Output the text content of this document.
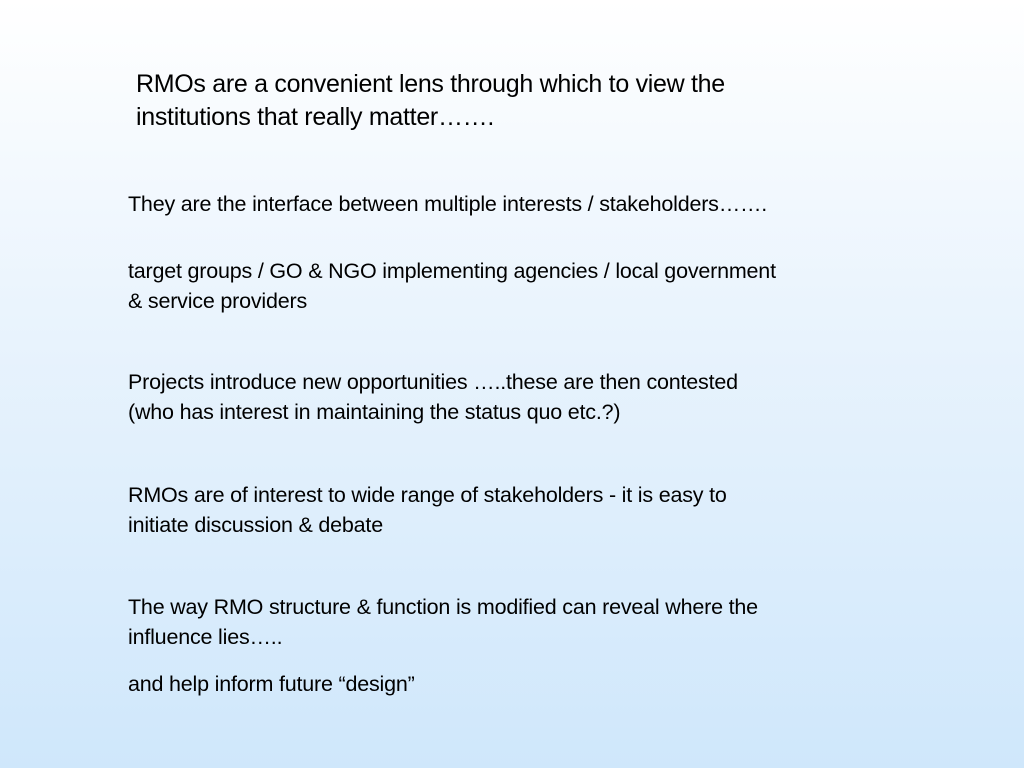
RMOs are a convenient lens through which to view the
institutions that really matter…….
They are the interface between multiple interests / stakeholders…….
target groups / GO & NGO implementing agencies / local government
& service providers
Projects introduce new opportunities …..these are then contested
(who has interest in maintaining the status quo etc.?)
RMOs are of interest to wide range of stakeholders - it is easy to
initiate discussion & debate
The way RMO structure & function is modified can reveal where the
influence lies…..
and help inform future “design”
